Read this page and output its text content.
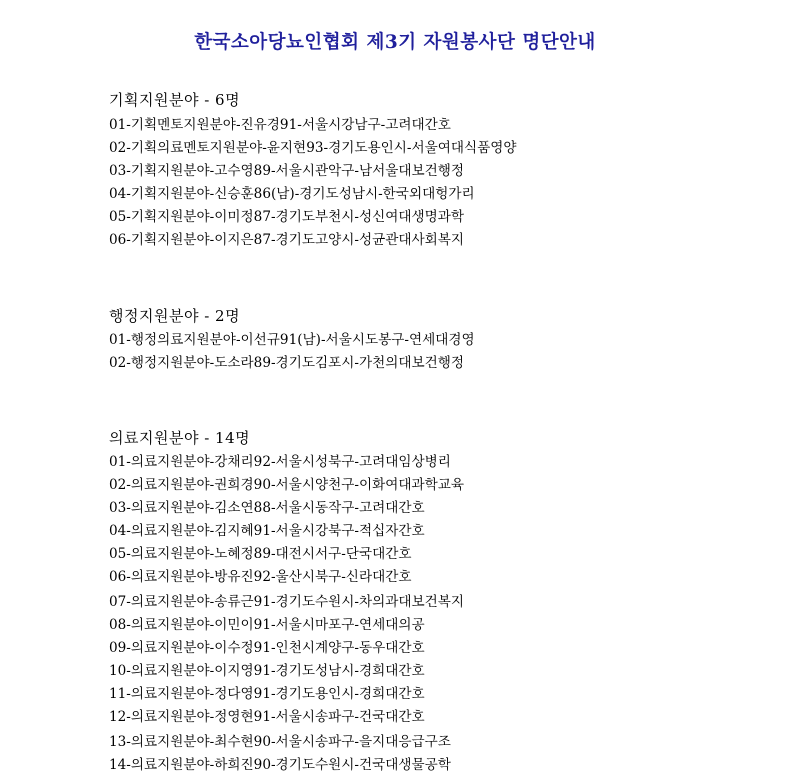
한국소아당뇨인협회 제3기 자원봉사단 명단안내
기획지원분야 - 6명
01-기획멘토지원분야-진유경91-서울시강남구-고려대간호
02-기획의료멘토지원분야-윤지현93-경기도용인시-서울여대식품영양
03-기획지원분야-고수영89-서울시관악구-남서울대보건행정
04-기획지원분야-신승훈86(남)-경기도성남시-한국외대헝가리
05-기획지원분야-이미정87-경기도부천시-성신여대생명과학
06-기획지원분야-이지은87-경기도고양시-성균관대사회복지
행정지원분야 - 2명
01-행정의료지원분야-이선규91(남)-서울시도봉구-연세대경영
02-행정지원분야-도소라89-경기도김포시-가천의대보건행정
의료지원분야 - 14명
01-의료지원분야-강채리92-서울시성북구-고려대임상병리
02-의료지원분야-권희경90-서울시양천구-이화여대과학교육
03-의료지원분야-김소연88-서울시동작구-고려대간호
04-의료지원분야-김지혜91-서울시강북구-적십자간호
05-의료지원분야-노혜정89-대전시서구-단국대간호
06-의료지원분야-방유진92-울산시북구-신라대간호
07-의료지원분야-송류근91-경기도수원시-차의과대보건복지
08-의료지원분야-이민이91-서울시마포구-연세대의공
09-의료지원분야-이수정91-인천시계양구-동우대간호
10-의료지원분야-이지영91-경기도성남시-경희대간호
11-의료지원분야-정다영91-경기도용인시-경희대간호
12-의료지원분야-정영현91-서울시송파구-건국대간호
13-의료지원분야-최수현90-서울시송파구-을지대응급구조
14-의료지원분야-하희진90-경기도수원시-건국대생물공학
